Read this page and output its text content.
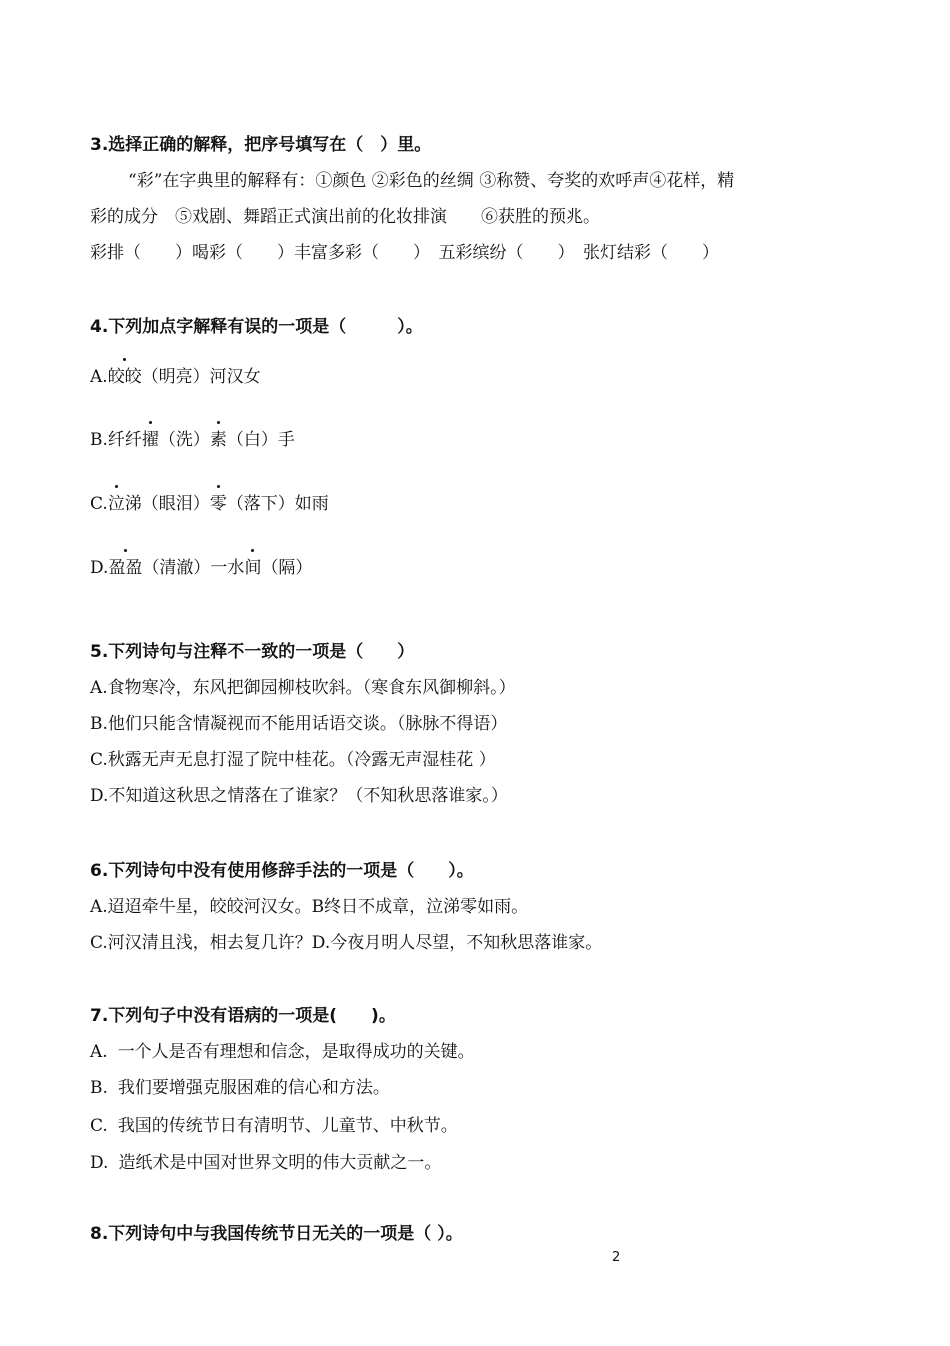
3.选择正确的解释，把序号填写在（　）里。
“彩”在字典里的解释有：①颜色 ②彩色的丝绸 ③称赞、夸奖的欢呼声④花样，精
彩的成分　⑤戏剧、舞蹈正式演出前的化妆排演　　⑥获胜的预兆。
彩排（　　）喝彩（　　）丰富多彩（　　）　五彩缤纷（　　）　张灯结彩（　　）
4.下列加点字解释有误的一项是（　　　）。
A.皎皎（明亮）河汉女
B.纤纤擢（洗）素（白）手
C.泣涕（眼泪）零（落下）如雨
D.盈盈（清澈）一水间（隔）
5.下列诗句与注释不一致的一项是（　　）
A.食物寒冷，东风把御园柳枝吹斜。（寒食东风御柳斜。）
B.他们只能含情凝视而不能用话语交谈。（脉脉不得语）
C.秋露无声无息打湿了院中桂花。（冷露无声湿桂花 ）
D.不知道这秋思之情落在了谁家？（不知秋思落谁家。）
6.下列诗句中没有使用修辞手法的一项是（　　）。
A.迢迢牵牛星，皎皎河汉女。B终日不成章，泣涕零如雨。
C.河汉清且浅，相去复几许？D.今夜月明人尽望，不知秋思落谁家。
7.下列句子中没有语病的一项是(　　)。
A. 一个人是否有理想和信念，是取得成功的关键。
B. 我们要增强克服困难的信心和方法。
C. 我国的传统节日有清明节、儿童节、中秋节。
D. 造纸术是中国对世界文明的伟大贡献之一。
8.下列诗句中与我国传统节日无关的一项是（ ）。
2
